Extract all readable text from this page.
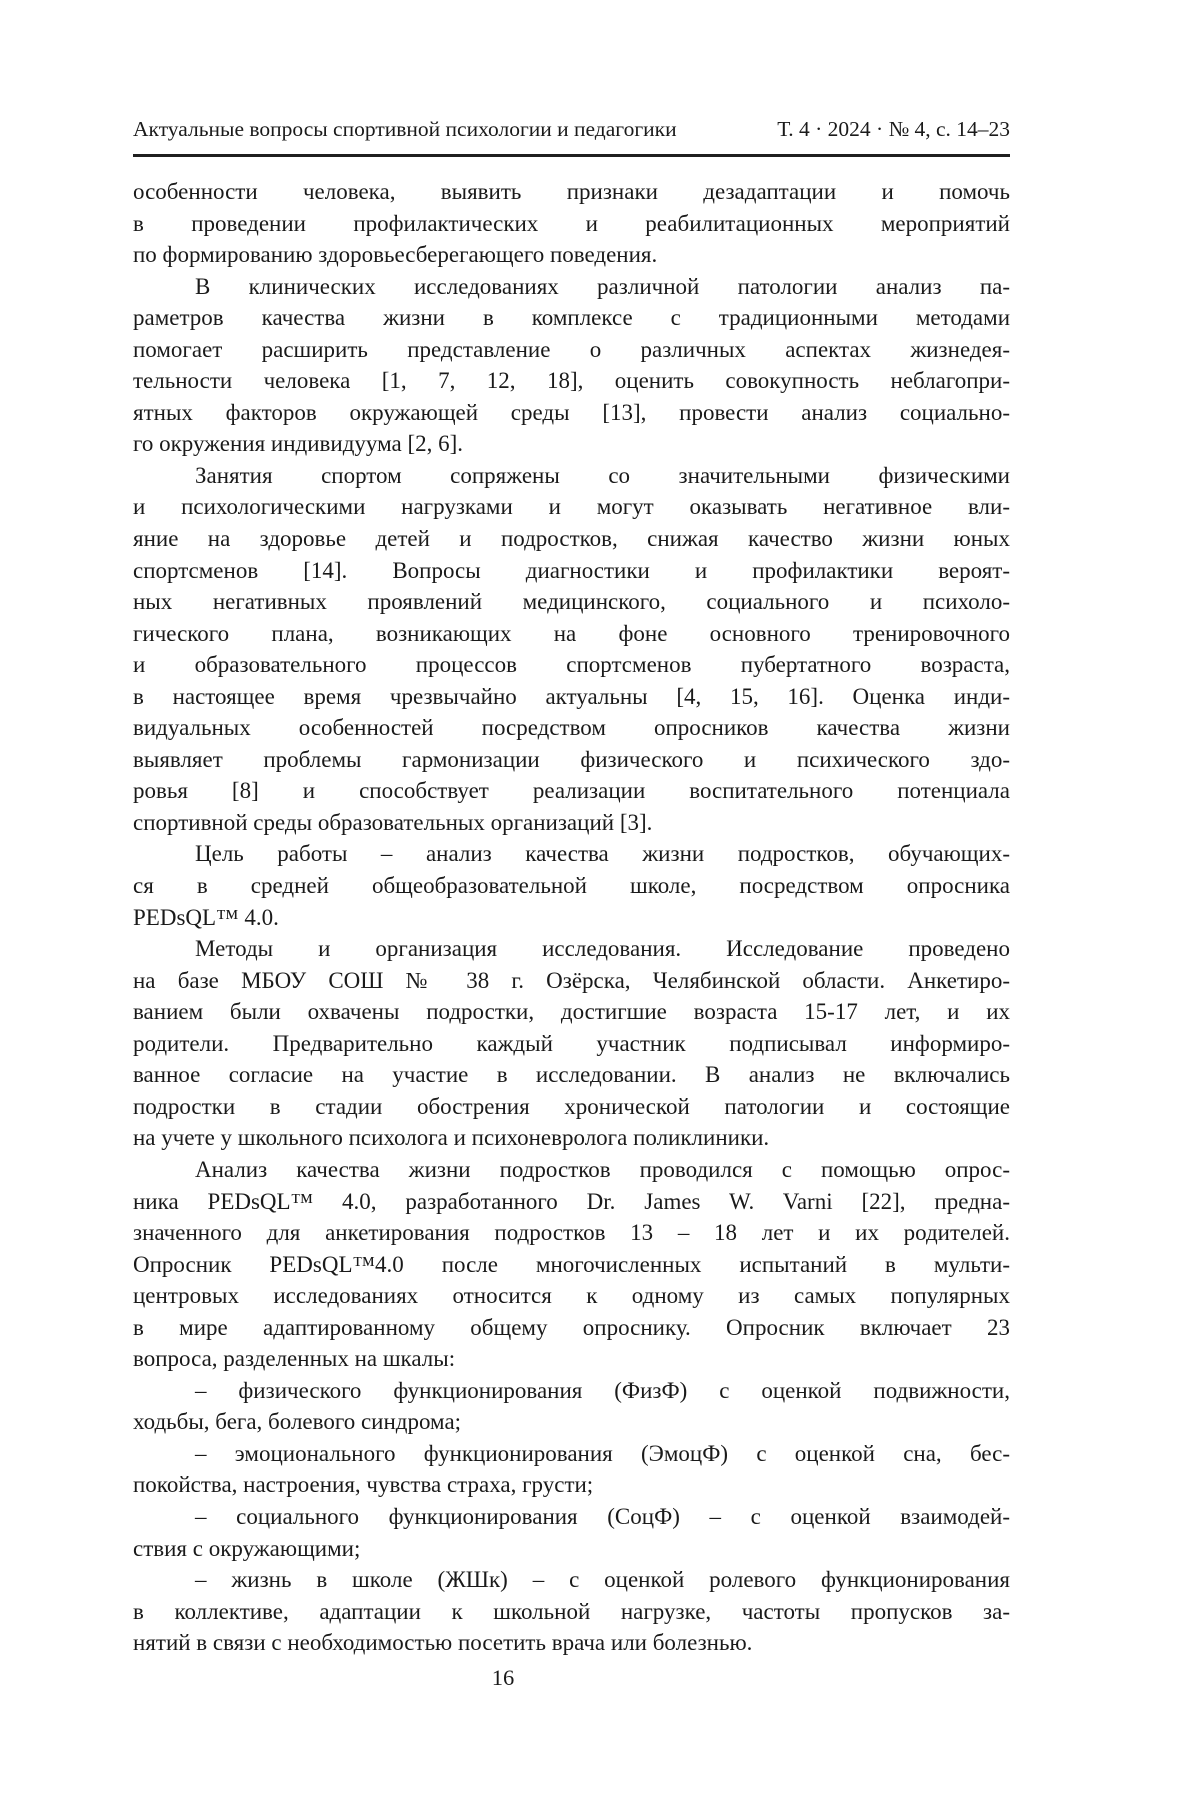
Актуальные вопросы спортивной психологии и педагогики	Т. 4 · 2024 · № 4, с. 14–23
особенности человека, выявить признаки дезадаптации и помочь
в проведении профилактических и реабилитационных мероприятий
по формированию здоровьесберегающего поведения.
В клинических исследованиях различной патологии анализ па-
раметров качества жизни в комплексе с традиционными методами
помогает расширить представление о различных аспектах жизнедея-
тельности человека [1, 7, 12, 18], оценить совокупность неблагопри-
ятных факторов окружающей среды [13], провести анализ социально-
го окружения индивидуума [2, 6].
Занятия спортом сопряжены со значительными физическими
и психологическими нагрузками и могут оказывать негативное вли-
яние на здоровье детей и подростков, снижая качество жизни юных
спортсменов [14]. Вопросы диагностики и профилактики вероят-
ных негативных проявлений медицинского, социального и психоло-
гического плана, возникающих на фоне основного тренировочного
и образовательного процессов спортсменов пубертатного возраста,
в настоящее время чрезвычайно актуальны [4, 15, 16]. Оценка инди-
видуальных особенностей посредством опросников качества жизни
выявляет проблемы гармонизации физического и психического здо-
ровья [8] и способствует реализации воспитательного потенциала
спортивной среды образовательных организаций [3].
Цель работы – анализ качества жизни подростков, обучающих-
ся в средней общеобразовательной школе, посредством опросника
PEDsQL™ 4.0.
Методы и организация исследования. Исследование проведено
на базе МБОУ СОШ № 38 г. Озёрска, Челябинской области. Анкетиро-
ванием были охвачены подростки, достигшие возраста 15-17 лет, и их
родители. Предварительно каждый участник подписывал информиро-
ванное согласие на участие в исследовании. В анализ не включались
подростки в стадии обострения хронической патологии и состоящие
на учете у школьного психолога и психоневролога поликлиники.
Анализ качества жизни подростков проводился с помощью опрос-
ника PEDsQL™ 4.0, разработанного Dr. James W. Varni [22], предна-
значенного для анкетирования подростков 13 – 18 лет и их родителей.
Опросник PEDsQL™4.0 после многочисленных испытаний в мульти-
центровых исследованиях относится к одному из самых популярных
в мире адаптированному общему опроснику. Опросник включает 23
вопроса, разделенных на шкалы:
– физического функционирования (ФизФ) с оценкой подвижности,
ходьбы, бега, болевого синдрома;
– эмоционального функционирования (ЭмоцФ) с оценкой сна, бес-
покойства, настроения, чувства страха, грусти;
– социального функционирования (СоцФ) – с оценкой взаимодей-
ствия с окружающими;
– жизнь в школе (ЖШк) – с оценкой ролевого функционирования
в коллективе, адаптации к школьной нагрузке, частоты пропусков за-
нятий в связи с необходимостью посетить врача или болезнью.
16
